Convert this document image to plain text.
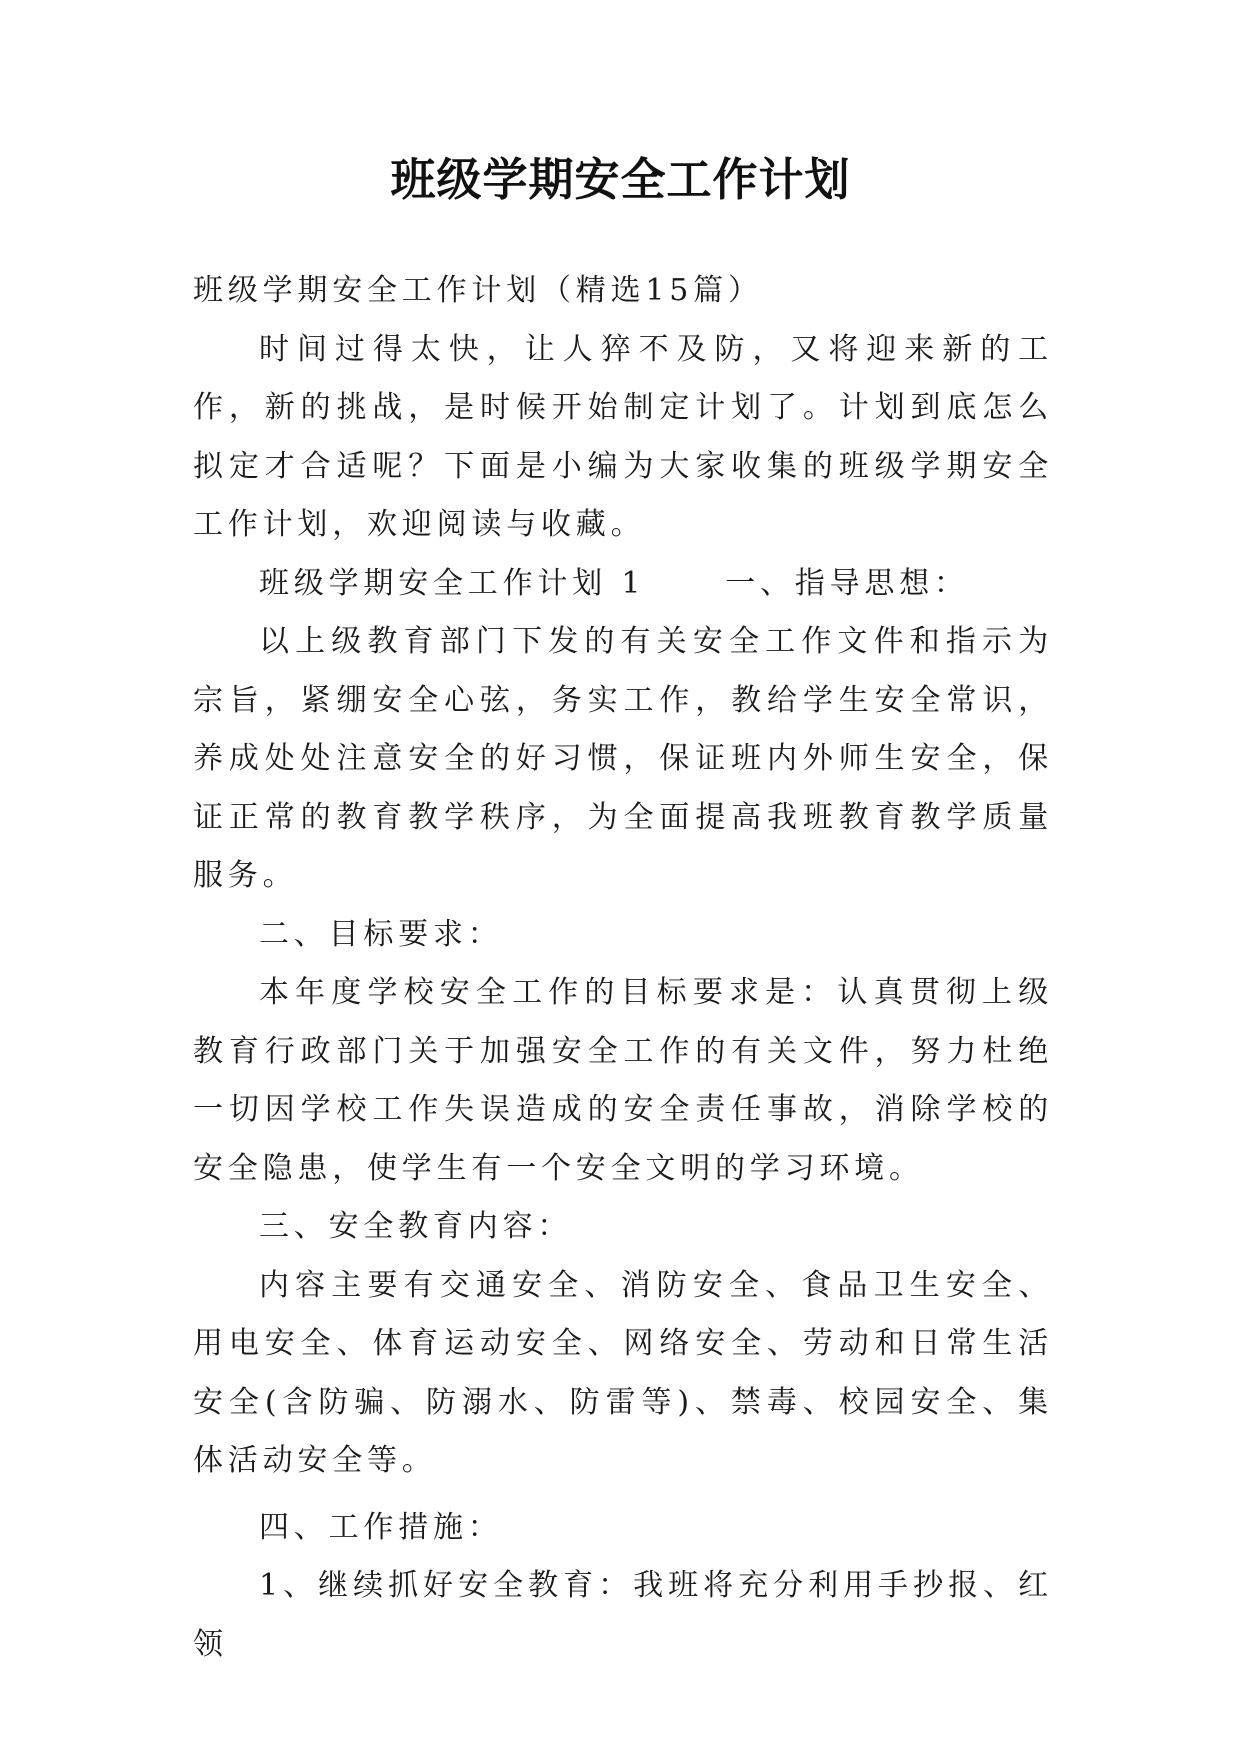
班级学期安全工作计划

班级学期安全工作计划（精选15篇）

时间过得太快，让人猝不及防，又将迎来新的工作，新的挑战，是时候开始制定计划了。计划到底怎么拟定才合适呢？下面是小编为大家收集的班级学期安全工作计划，欢迎阅读与收藏。

班级学期安全工作计划 1	一、指导思想：

以上级教育部门下发的有关安全工作文件和指示为宗旨，紧绷安全心弦，务实工作，教给学生安全常识，养成处处注意安全的好习惯，保证班内外师生安全，保证正常的教育教学秩序，为全面提高我班教育教学质量服务。

二、目标要求：

本年度学校安全工作的目标要求是：认真贯彻上级教育行政部门关于加强安全工作的有关文件，努力杜绝一切因学校工作失误造成的安全责任事故，消除学校的安全隐患，使学生有一个安全文明的学习环境。

三、安全教育内容：

内容主要有交通安全、消防安全、食品卫生安全、用电安全、体育运动安全、网络安全、劳动和日常生活安全(含防骗、防溺水、防雷等)、禁毒、校园安全、集体活动安全等。

四、工作措施：

1、继续抓好安全教育：我班将充分利用手抄报、红领
